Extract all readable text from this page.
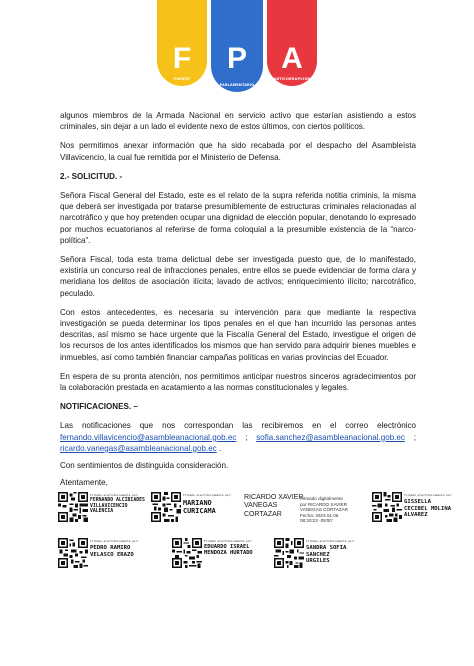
F
FRENTE
P
PARLAMENTARIO
A
ANTICORRUPCIÓN

algunos miembros de la Armada Nacional en servicio activo que estarían asistiendo a estos criminales, sin dejar a un lado el evidente nexo de estos últimos, con ciertos políticos.

Nos permitimos anexar información que ha sido recabada por el despacho del Asambleísta Villavicencio, la cual fue remitida por el Ministerio de Defensa.

2.- SOLICITUD. -

Señora Fiscal General del Estado, este es el relato de la supra referida notitia criminis, la misma que deberá ser investigada por tratarse presumiblemente de estructuras criminales relacionadas al narcotráfico y que hoy pretenden ocupar una dignidad de elección popular, denotando lo expresado por muchos ecuatorianos al referirse de forma coloquial a la presumible existencia de la “narco-política”.

Señora Fiscal, toda esta trama delictual debe ser investigada puesto que, de lo manifestado, existiría un concurso real de infracciones penales, entre ellos se puede evidenciar de forma clara y meridiana los delitos de asociación ilícita; lavado de activos; enriquecimiento ilícito; narcotráfico, peculado.

Con estos antecedentes, es necesaria su intervención para que mediante la respectiva investigación se pueda determinar los tipos penales en el que han incurrido las personas antes descritas, así mismo se hace urgente que la Fiscalía General del Estado, investigue el origen de los recursos de los antes identificados los mismos que han servido para adquirir bienes muebles e inmuebles, así como también financiar campañas políticas en varias provincias del Ecuador.

En espera de su pronta atención, nos permitimos anticipar nuestros sinceros agradecimientos por la colaboración prestada en acatamiento a las normas constitucionales y legales.

NOTIFICACIONES. –

Las notificaciones que nos correspondan las recibiremos en el correo electrónico fernando.villavicencio@asambleanacional.gob.ec ; sofia.sanchez@asambleanacional.gob.ec ; ricardo.vanegas@asambleanacional.gob.ec .

Con sentimientos de distinguida consideración.

Atentamente,

Firmado electrónicamente por:
FERNANDO ALCIBIADES
VILLAVICENCIO
VALENCIA
Firmado electrónicamente por:
MARIANO
CURICAMA
RICARDO XAVIER
VANEGAS
CORTAZAR
Firmado digitalmente
por RICARDO XAVIER
VANEGAS CORTAZAR
Fecha: 2023.01.06
08:20:22 -05'00'
Firmado electrónicamente por:
GISSELLA
CECIBEL MOLINA
ALVAREZ
Firmado electrónicamente por:
PEDRO RAMIRO
VELASCO ERAZO
Firmado electrónicamente por:
EDUARDO ISRAEL
MENDOZA HURTADO
Firmado electrónicamente por:
SANDRA SOFIA
SANCHEZ
URGILES
